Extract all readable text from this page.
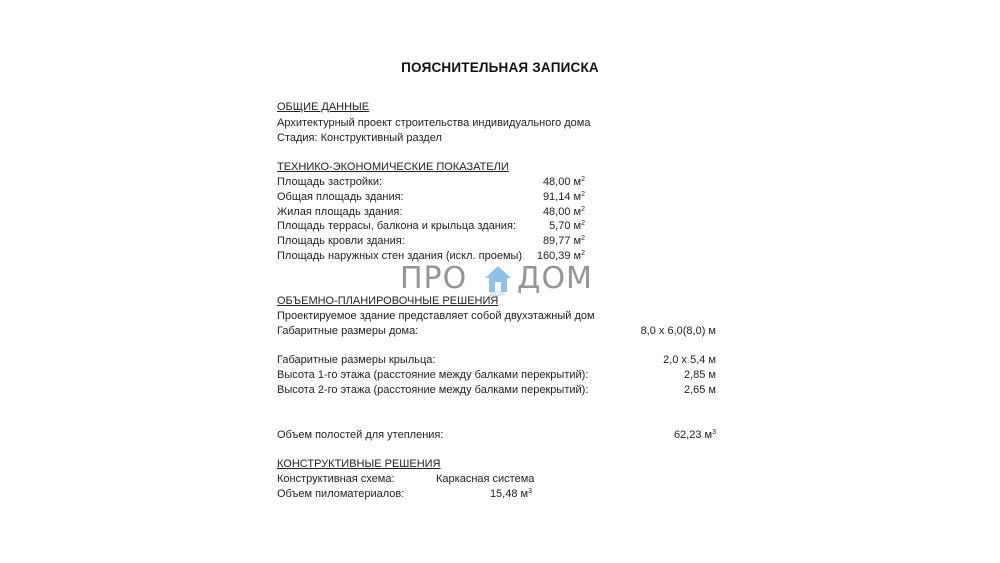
ПОЯСНИТЕЛЬНАЯ ЗАПИСКА
ОБЩИЕ ДАННЫЕ
Архитектурный проект строительства индивидуального дома
Стадия: Конструктивный раздел
ТЕХНИКО-ЭКОНОМИЧЕСКИЕ ПОКАЗАТЕЛИ
Площадь застройки:	48,00 $м^2$
Общая площадь здания:	91,14 $м^2$
Жилая площадь здания:	48,00 $м^2$
Площадь террасы, балкона и крыльца здания:	5,70 $м^2$
Площадь кровли здания:	89,77 $м^2$
Площадь наружных стен здания (искл. проемы) 160,39 $м^2$
ПРО	ДОМ ДОМ
ОБЪЕМНО-ПЛАНИРОВОЧНЫЕ РЕШЕНИЯ
Проектируемое здание представляет собой двухэтажный дом
Габаритные размеры дома:	8,0 х 6,0(8,0) м
Габаритные размеры крыльца:	2,0 х 5,4 м
Высота 1-го этажа (расстояние между балками перекрытий):	2,85 м
Высота 2-го этажа (расстояние между балками перекрытий):	2,65 м
Объем полостей для утепления:	62,23 $м^3$
КОНСТРУКТИВНЫЕ РЕШЕНИЯ
Конструктивная схема:	Каркасная система
Объем пиломатериалов:	15,48 $м^3$
